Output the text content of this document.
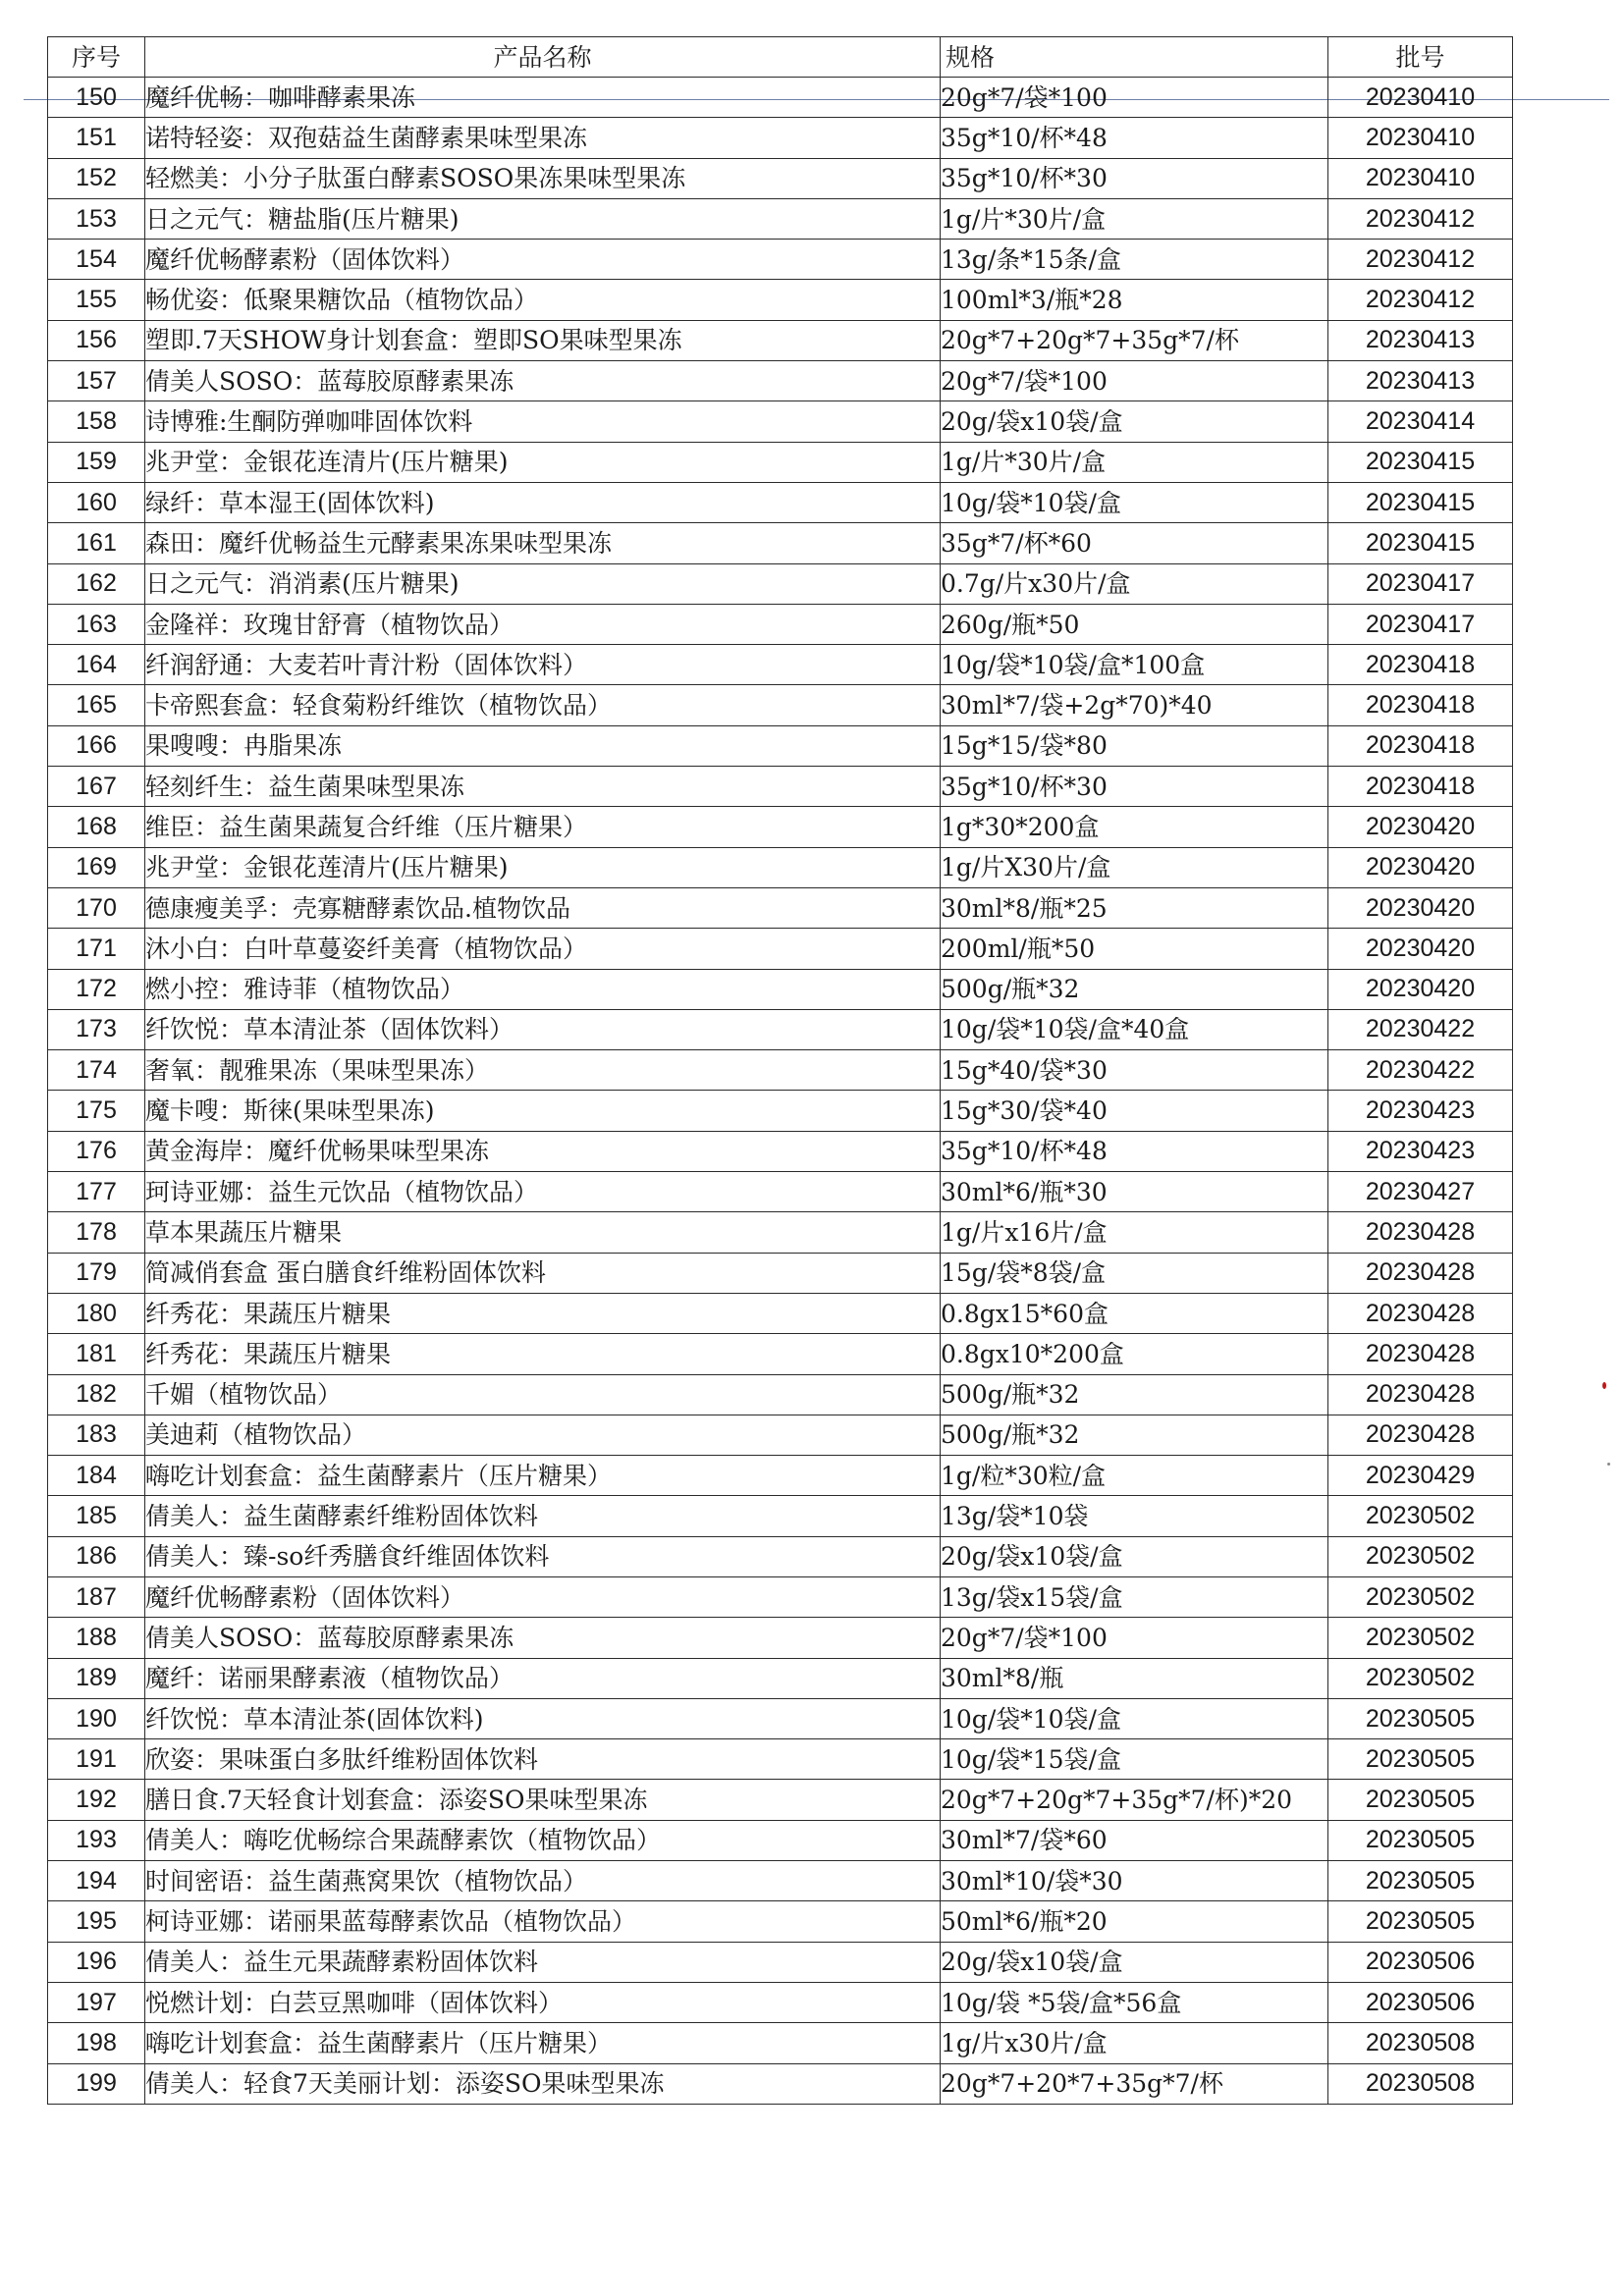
序号	产品名称	规格	批号
150	魔纤优畅：咖啡酵素果冻	20g*7/袋*100	20230410
151	诺特轻姿：双孢菇益生菌酵素果味型果冻	35g*10/杯*48	20230410
152	轻燃美：小分子肽蛋白酵素SOSO果冻果味型果冻	35g*10/杯*30	20230410
153	日之元气：糖盐脂(压片糖果)	1g/片*30片/盒	20230412
154	魔纤优畅酵素粉（固体饮料）	13g/条*15条/盒	20230412
155	畅优姿：低聚果糖饮品（植物饮品）	100ml*3/瓶*28	20230412
156	塑即.7天SHOW身计划套盒：塑即SO果味型果冻	20g*7+20g*7+35g*7/杯	20230413
157	倩美人SOSO：蓝莓胶原酵素果冻	20g*7/袋*100	20230413
158	诗博雅:生酮防弹咖啡固体饮料	20g/袋x10袋/盒	20230414
159	兆尹堂：金银花连清片(压片糖果)	1g/片*30片/盒	20230415
160	绿纤：草本湿王(固体饮料)	10g/袋*10袋/盒	20230415
161	森田：魔纤优畅益生元酵素果冻果味型果冻	35g*7/杯*60	20230415
162	日之元气：消消素(压片糖果)	0.7g/片x30片/盒	20230417
163	金隆祥：玫瑰甘舒膏（植物饮品）	260g/瓶*50	20230417
164	纤润舒通：大麦若叶青汁粉（固体饮料）	10g/袋*10袋/盒*100盒	20230418
165	卡帝熙套盒：轻食菊粉纤维饮（植物饮品）	30ml*7/袋+2g*70)*40	20230418
166	果嗖嗖：冉脂果冻	15g*15/袋*80	20230418
167	轻刻纤生：益生菌果味型果冻	35g*10/杯*30	20230418
168	维臣：益生菌果蔬复合纤维（压片糖果）	1g*30*200盒	20230420
169	兆尹堂：金银花莲清片(压片糖果)	1g/片X30片/盒	20230420
170	德康瘦美孚：壳寡糖酵素饮品.植物饮品	30ml*8/瓶*25	20230420
171	沐小白：白叶草蔓姿纤美膏（植物饮品）	200ml/瓶*50	20230420
172	燃小控：雅诗菲（植物饮品）	500g/瓶*32	20230420
173	纤饮悦：草本清沚茶（固体饮料）	10g/袋*10袋/盒*40盒	20230422
174	奢氧：靓雅果冻（果味型果冻）	15g*40/袋*30	20230422
175	魔卡嗖：斯徕(果味型果冻)	15g*30/袋*40	20230423
176	黄金海岸：魔纤优畅果味型果冻	35g*10/杯*48	20230423
177	珂诗亚娜：益生元饮品（植物饮品）	30ml*6/瓶*30	20230427
178	草本果蔬压片糖果	1g/片x16片/盒	20230428
179	简减俏套盒 蛋白膳食纤维粉固体饮料	15g/袋*8袋/盒	20230428
180	纤秀花：果蔬压片糖果	0.8gx15*60盒	20230428
181	纤秀花：果蔬压片糖果	0.8gx10*200盒	20230428
182	千媚（植物饮品）	500g/瓶*32	20230428
183	美迪莉（植物饮品）	500g/瓶*32	20230428
184	嗨吃计划套盒：益生菌酵素片（压片糖果）	1g/粒*30粒/盒	20230429
185	倩美人：益生菌酵素纤维粉固体饮料	13g/袋*10袋	20230502
186	倩美人：臻-so纤秀膳食纤维固体饮料	20g/袋x10袋/盒	20230502
187	魔纤优畅酵素粉（固体饮料）	13g/袋x15袋/盒	20230502
188	倩美人SOSO：蓝莓胶原酵素果冻	20g*7/袋*100	20230502
189	魔纤：诺丽果酵素液（植物饮品）	30ml*8/瓶	20230502
190	纤饮悦：草本清沚茶(固体饮料)	10g/袋*10袋/盒	20230505
191	欣姿：果味蛋白多肽纤维粉固体饮料	10g/袋*15袋/盒	20230505
192	膳日食.7天轻食计划套盒：添姿SO果味型果冻	20g*7+20g*7+35g*7/杯)*20	20230505
193	倩美人：嗨吃优畅综合果蔬酵素饮（植物饮品）	30ml*7/袋*60	20230505
194	时间密语：益生菌燕窝果饮（植物饮品）	30ml*10/袋*30	20230505
195	柯诗亚娜：诺丽果蓝莓酵素饮品（植物饮品）	50ml*6/瓶*20	20230505
196	倩美人：益生元果蔬酵素粉固体饮料	20g/袋x10袋/盒	20230506
197	悦燃计划：白芸豆黑咖啡（固体饮料）	10g/袋 *5袋/盒*56盒	20230506
198	嗨吃计划套盒：益生菌酵素片（压片糖果）	1g/片x30片/盒	20230508
199	倩美人：轻食7天美丽计划：添姿SO果味型果冻	20g*7+20*7+35g*7/杯	20230508
